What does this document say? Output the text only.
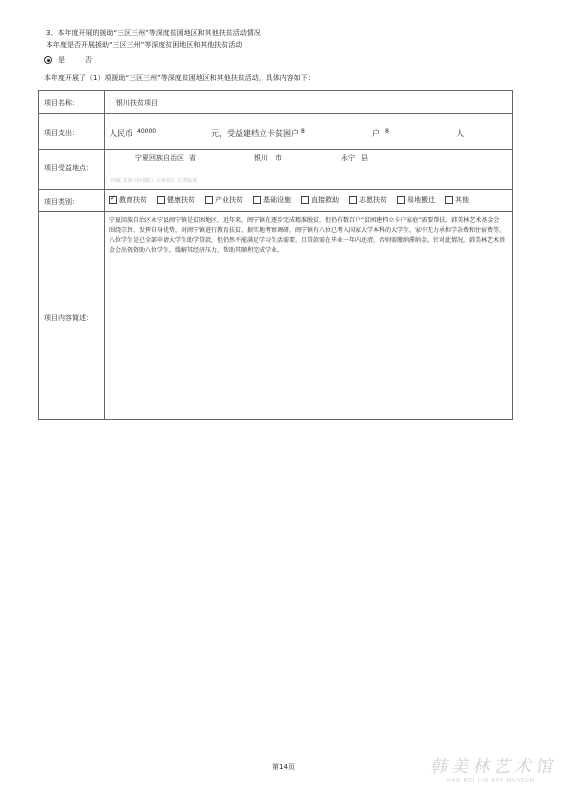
3、本年度开展的援助“三区三州”等深度贫困地区和其他扶贫活动情况
本年度是否开展援助“三区三州”等深度贫困地区和其他扶贫活动
是	否
本年度开展了（1）项援助“三区三州”等深度贫困地区和其他扶贫活动，具体内容如下：
项目名称：	银川扶贫项目
项目支出：	人民币 40000	元，受益建档立卡贫困户 8	户 8	人
项目受益地点：
宁夏回族自治区 省	银川 市	永宁 县
西藏 青海 四川藏区 云南怒江 甘肃临夏
项目类别：
✓	教育扶贫	健康扶贫	产业扶贫	基础设施	直接救助	志愿扶贫	易地搬迁	其他
项目内容简述：
宁夏回族自治区永宁县闽宁镇是贫困地区，近年来，闽宁镇在逐步完成精准脱贫，但仍有数百户“贫困建档立卡户家庭”需要帮扶。韩美林艺术基金会围绕宗旨、发挥自身优势，对闽宁镇进行教育扶贫。据实地考察调研，闽宁镇有八位已考入国家大学本科的大学生，家中无力承担学杂费和住宿费等，八位学生是已全部申请大学生助学贷款，但仍然不能满足学习生活需要，且贷款需在毕业一年内还清，否则需缴纳滞纳金。针对此情况，韩美林艺术基金会出资资助八位学生，缓解其经济压力，帮助其顺利完成学业。
第14页	韩美林艺术馆
HAN MEI LIN ART MUSEUM
